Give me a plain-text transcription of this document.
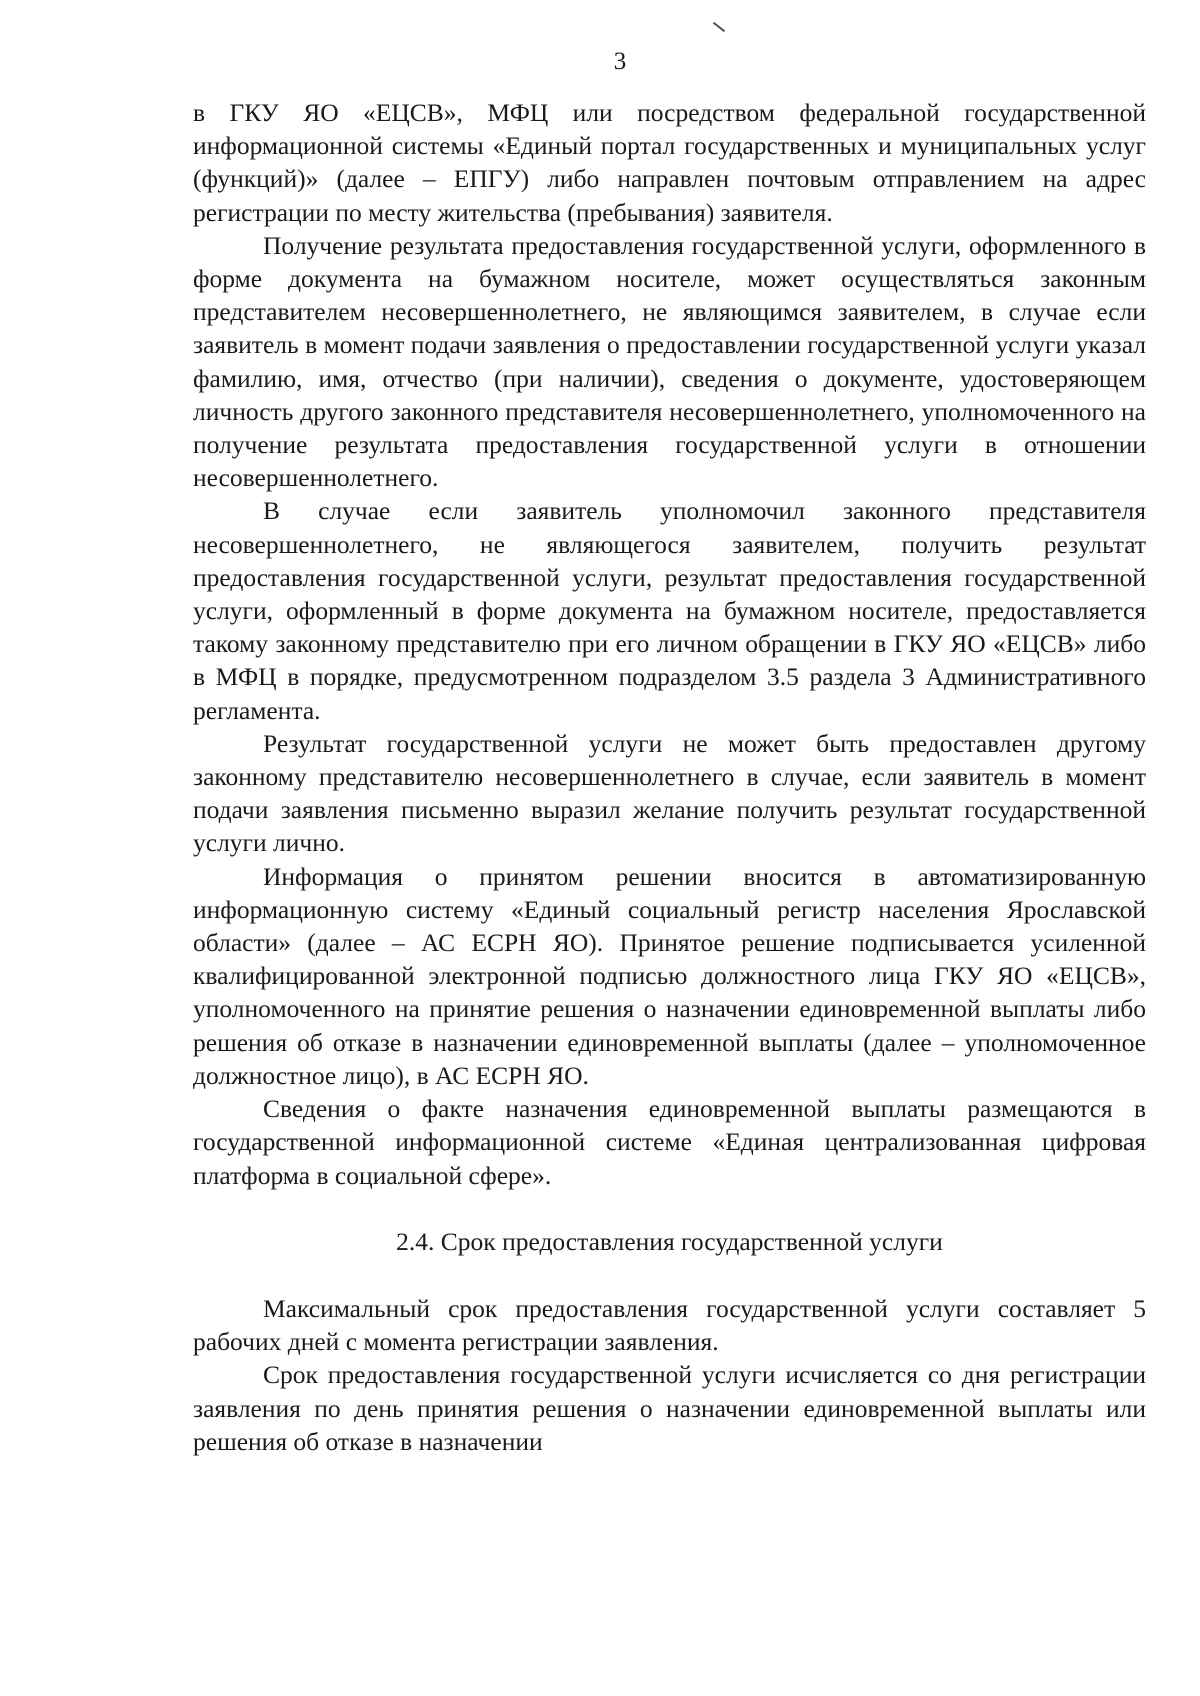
3

в ГКУ ЯО «ЕЦСВ», МФЦ или посредством федеральной государственной информационной системы «Единый портал государственных и муниципальных услуг (функций)» (далее – ЕПГУ) либо направлен почтовым отправлением на адрес регистрации по месту жительства (пребывания) заявителя.

Получение результата предоставления государственной услуги, оформленного в форме документа на бумажном носителе, может осуществляться законным представителем несовершеннолетнего, не являющимся заявителем, в случае если заявитель в момент подачи заявления о предоставлении государственной услуги указал фамилию, имя, отчество (при наличии), сведения о документе, удостоверяющем личность другого законного представителя несовершеннолетнего, уполномоченного на получение результата предоставления государственной услуги в отношении несовершеннолетнего.

В случае если заявитель уполномочил законного представителя несовершеннолетнего, не являющегося заявителем, получить результат предоставления государственной услуги, результат предоставления государственной услуги, оформленный в форме документа на бумажном носителе, предоставляется такому законному представителю при его личном обращении в ГКУ ЯО «ЕЦСВ» либо в МФЦ в порядке, предусмотренном подразделом 3.5 раздела 3 Административного регламента.

Результат государственной услуги не может быть предоставлен другому законному представителю несовершеннолетнего в случае, если заявитель в момент подачи заявления письменно выразил желание получить результат государственной услуги лично.

Информация о принятом решении вносится в автоматизированную информационную систему «Единый социальный регистр населения Ярославской области» (далее – АС ЕСРН ЯО). Принятое решение подписывается усиленной квалифицированной электронной подписью должностного лица ГКУ ЯО «ЕЦСВ», уполномоченного на принятие решения о назначении единовременной выплаты либо решения об отказе в назначении единовременной выплаты (далее – уполномоченное должностное лицо), в АС ЕСРН ЯО.

Сведения о факте назначения единовременной выплаты размещаются в государственной информационной системе «Единая централизованная цифровая платформа в социальной сфере».

2.4. Срок предоставления государственной услуги

Максимальный срок предоставления государственной услуги составляет 5 рабочих дней с момента регистрации заявления.

Срок предоставления государственной услуги исчисляется со дня регистрации заявления по день принятия решения о назначении единовременной выплаты или решения об отказе в назначении
